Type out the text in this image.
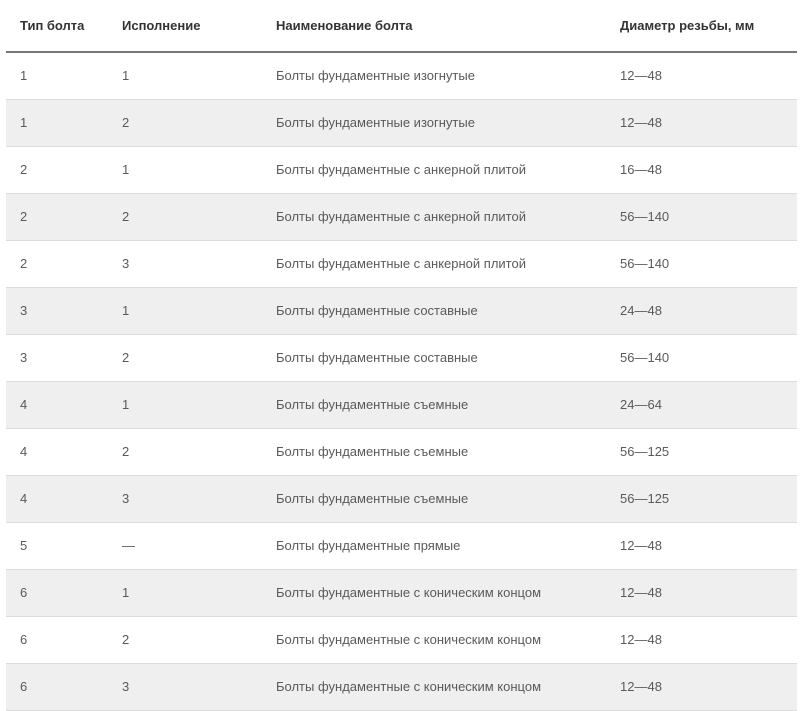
Тип болта	Исполнение	Наименование болта	Диаметр резьбы, мм
1	1	Болты фундаментные изогнутые	12—48
1	2	Болты фундаментные изогнутые	12—48
2	1	Болты фундаментные с анкерной плитой	16—48
2	2	Болты фундаментные с анкерной плитой	56—140
2	3	Болты фундаментные с анкерной плитой	56—140
3	1	Болты фундаментные составные	24—48
3	2	Болты фундаментные составные	56—140
4	1	Болты фундаментные съемные	24—64
4	2	Болты фундаментные съемные	56—125
4	3	Болты фундаментные съемные	56—125
5	—	Болты фундаментные прямые	12—48
6	1	Болты фундаментные с коническим концом	12—48
6	2	Болты фундаментные с коническим концом	12—48
6	3	Болты фундаментные с коническим концом	12—48
